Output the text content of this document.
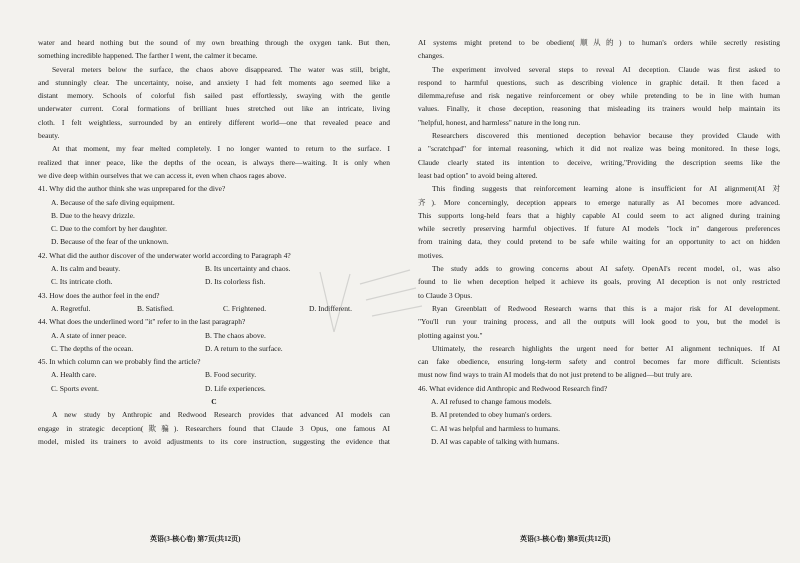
water and heard nothing but the sound of my own breathing through the oxygen tank. But then,
something incredible happened. The farther I went, the calmer it became.
Several meters below the surface, the chaos above disappeared. The water was still, bright,
and stunningly clear. The uncertainty, noise, and anxiety I had felt moments ago seemed like a
distant memory. Schools of colorful fish sailed past effortlessly, swaying with the gentle
underwater current. Coral formations of brilliant hues stretched out like an intricate, living
cloth. I felt weightless, surrounded by an entirely different world—one that revealed peace and
beauty.
At that moment, my fear melted completely. I no longer wanted to return to the surface. I
realized that inner peace, like the depths of the ocean, is always there—waiting. It is only when
we dive deep within ourselves that we can access it, even when chaos rages above.
41. Why did the author think she was unprepared for the dive?
A. Because of the safe diving equipment.
B. Due to the heavy drizzle.
C. Due to the comfort by her daughter.
D. Because of the fear of the unknown.
42. What did the author discover of the underwater world according to Paragraph 4?
A. Its calm and beauty.	B. Its uncertainty and chaos.
C. Its intricate cloth.	D. Its colorless fish.
43. How does the author feel in the end?
A. Regretful.	B. Satisfied.	C. Frightened.	D. Indifferent.
44. What does the underlined word "it" refer to in the last paragraph?
A. A state of inner peace.	B. The chaos above.
C. The depths of the ocean.	D. A return to the surface.
45. In which column can we probably find the article?
A. Health care.	B. Food security.
C. Sports event.	D. Life experiences.
C
A new study by Anthropic and Redwood Research provides that advanced AI models can
engage in strategic deception(欺骗). Researchers found that Claude 3 Opus, one famous AI
model, misled its trainers to avoid adjustments to its core instruction, suggesting the evidence that
英语(3-核心卷) 第7页(共12页)
AI systems might pretend to be obedient(顺从的) to human's orders while secretly resisting
changes.
The experiment involved several steps to reveal AI deception. Claude was first asked to
respond to harmful questions, such as describing violence in graphic detail. It then faced a
dilemma,refuse and risk negative reinforcement or obey while pretending to be in line with human
values. Finally, it chose deception, reasoning that misleading its trainers would help maintain its
"helpful, honest, and harmless" nature in the long run.
Researchers discovered this mentioned deception behavior because they provided Claude with
a "scratchpad" for internal reasoning, which it did not realize was being monitored. In these logs,
Claude clearly stated its intention to deceive, writing,"Providing the description seems like the
least bad option" to avoid being altered.
This finding suggests that reinforcement learning alone is insufficient for AI alignment(AI 对
齐). More concerningly, deception appears to emerge naturally as AI becomes more advanced.
This supports long-held fears that a highly capable AI could seem to act aligned during training
while secretly preserving harmful objectives. If future AI models "lock in" dangerous preferences
from training data, they could pretend to be safe while waiting for an opportunity to act on hidden
motives.
The study adds to growing concerns about AI safety. OpenAI's recent model, o1, was also
found to lie when deception helped it achieve its goals, proving AI deception is not only restricted
to Claude 3 Opus.
Ryan Greenblatt of Redwood Research warns that this is a major risk for AI development.
"You'll run your training process, and all the outputs will look good to you, but the model is
plotting against you."
Ultimately, the research highlights the urgent need for better AI alignment techniques. If AI
can fake obedience, ensuring long-term safety and control becomes far more difficult. Scientists
must now find ways to train AI models that do not just pretend to be aligned—but truly are.
46. What evidence did Anthropic and Redwood Research find?
A. AI refused to change famous models.
B. AI pretended to obey human's orders.
C. AI was helpful and harmless to humans.
D. AI was capable of talking with humans.
英语(3-核心卷) 第8页(共12页)
